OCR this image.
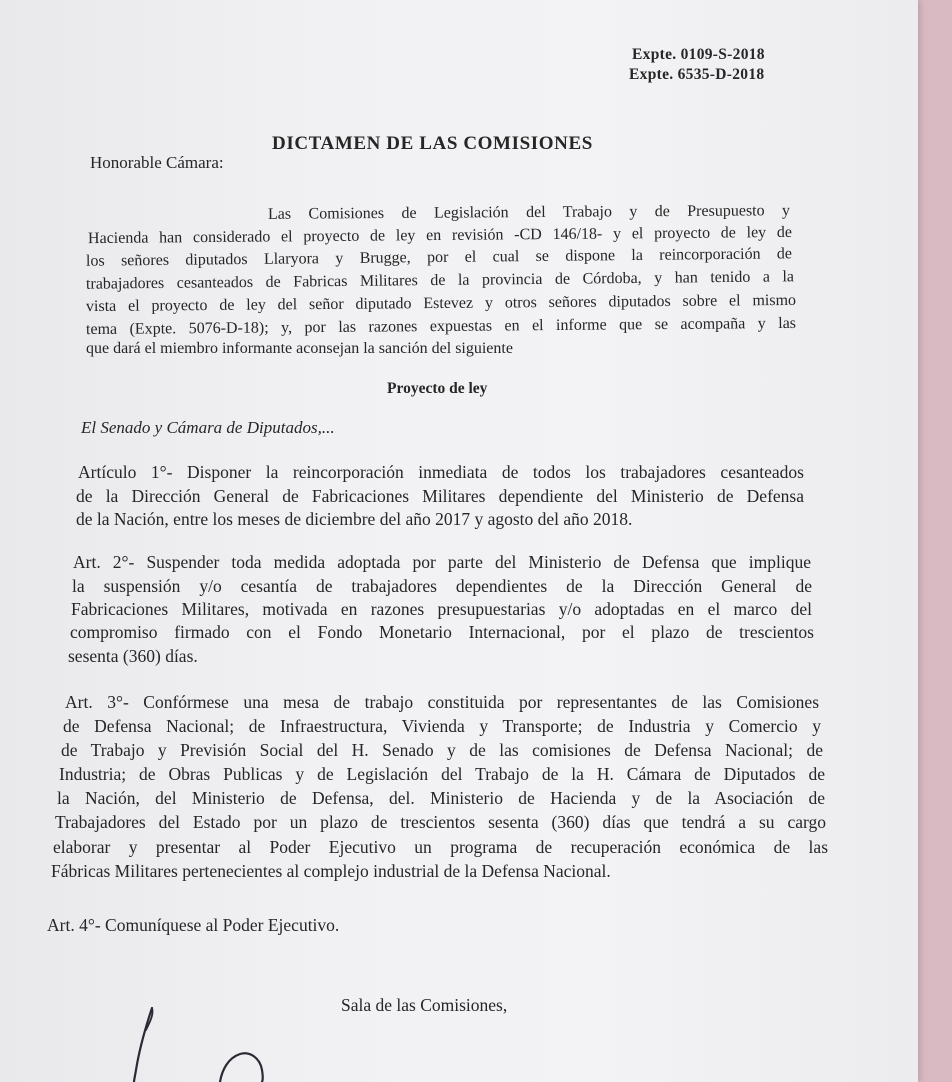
Expte. 0109-S-2018
Expte. 6535-D-2018
DICTAMEN DE LAS COMISIONES
Honorable Cámara:
Las Comisiones de Legislación del Trabajo y de Presupuesto y
Hacienda han considerado el proyecto de ley en revisión -CD 146/18- y el proyecto de ley de
los señores diputados Llaryora y Brugge, por el cual se dispone la reincorporación de
trabajadores cesanteados de Fabricas Militares de la provincia de Córdoba, y han tenido a la
vista el proyecto de ley del señor diputado Estevez y otros señores diputados sobre el mismo
tema (Expte. 5076-D-18); y, por las razones expuestas en el informe que se acompaña y las
que dará el miembro informante aconsejan la sanción del siguiente
Proyecto de ley
El Senado y Cámara de Diputados,...
Artículo 1°- Disponer la reincorporación inmediata de todos los trabajadores cesanteados
de la Dirección General de Fabricaciones Militares dependiente del Ministerio de Defensa
de la Nación, entre los meses de diciembre del año 2017 y agosto del año 2018.
Art. 2°- Suspender toda medida adoptada por parte del Ministerio de Defensa que implique
la suspensión y/o cesantía de trabajadores dependientes de la Dirección General de
Fabricaciones Militares, motivada en razones presupuestarias y/o adoptadas en el marco del
compromiso firmado con el Fondo Monetario Internacional, por el plazo de trescientos
sesenta (360) días.
Art. 3°- Confórmese una mesa de trabajo constituida por representantes de las Comisiones
de Defensa Nacional; de Infraestructura, Vivienda y Transporte; de Industria y Comercio y
de Trabajo y Previsión Social del H. Senado y de las comisiones de Defensa Nacional; de
Industria; de Obras Publicas y de Legislación del Trabajo de la H. Cámara de Diputados de
la Nación, del Ministerio de Defensa, del. Ministerio de Hacienda y de la Asociación de
Trabajadores del Estado por un plazo de trescientos sesenta (360) días que tendrá a su cargo
elaborar y presentar al Poder Ejecutivo un programa de recuperación económica de las
Fábricas Militares pertenecientes al complejo industrial de la Defensa Nacional.
Art. 4°- Comuníquese al Poder Ejecutivo.
Sala de las Comisiones,
